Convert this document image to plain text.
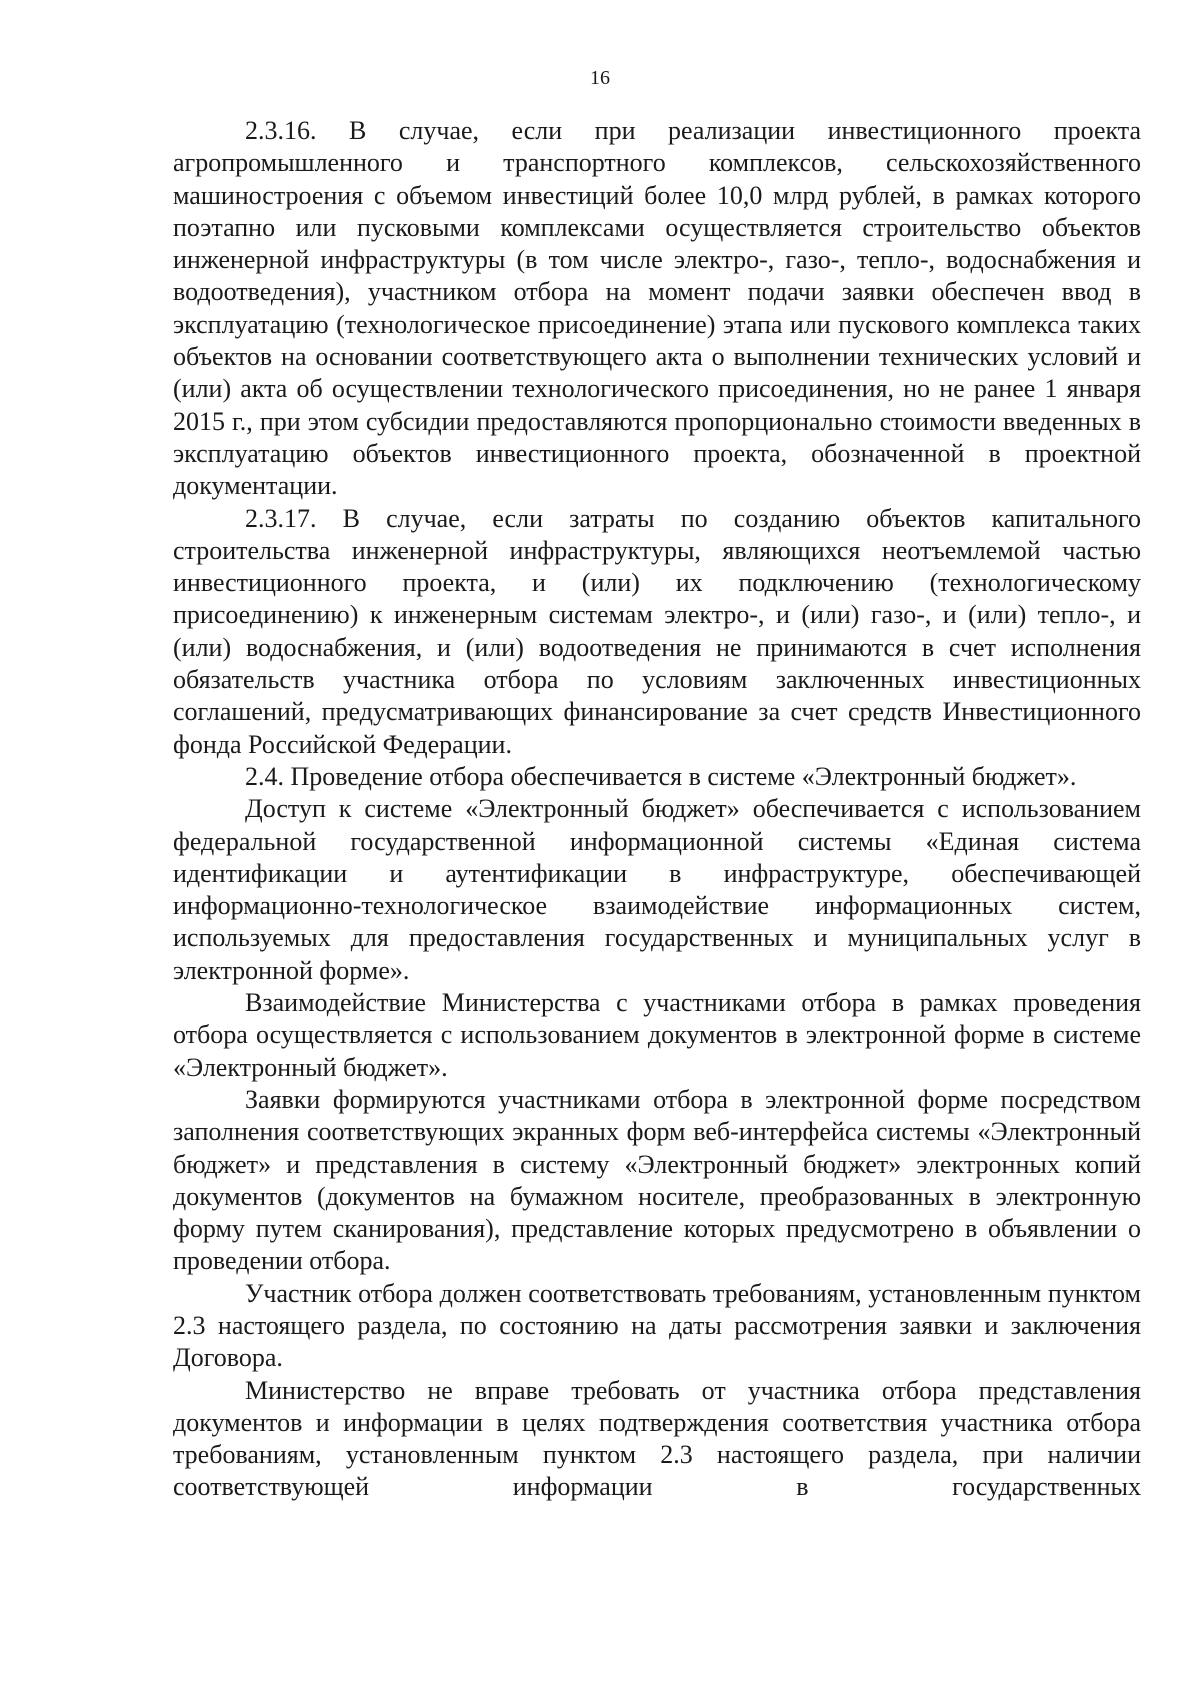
16

2.3.16. В случае, если при реализации инвестиционного проекта агропромышленного и транспортного комплексов, сельскохозяйственного машиностроения с объемом инвестиций более 10,0 млрд рублей, в рамках которого поэтапно или пусковыми комплексами осуществляется строительство объектов инженерной инфраструктуры (в том числе электро-, газо-, тепло-, водоснабжения и водоотведения), участником отбора на момент подачи заявки обеспечен ввод в эксплуатацию (технологическое присоединение) этапа или пускового комплекса таких объектов на основании соответствующего акта о выполнении технических условий и (или) акта об осуществлении технологического присоединения, но не ранее 1 января 2015 г., при этом субсидии предоставляются пропорционально стоимости введенных в эксплуатацию объектов инвестиционного проекта, обозначенной в проектной документации.

2.3.17. В случае, если затраты по созданию объектов капитального строительства инженерной инфраструктуры, являющихся неотъемлемой частью инвестиционного проекта, и (или) их подключению (технологическому присоединению) к инженерным системам электро-, и (или) газо-, и (или) тепло-, и (или) водоснабжения, и (или) водоотведения не принимаются в счет исполнения обязательств участника отбора по условиям заключенных инвестиционных соглашений, предусматривающих финансирование за счет средств Инвестиционного фонда Российской Федерации.

2.4. Проведение отбора обеспечивается в системе «Электронный бюджет».

Доступ к системе «Электронный бюджет» обеспечивается с использованием федеральной государственной информационной системы «Единая система идентификации и аутентификации в инфраструктуре, обеспечивающей информационно-технологическое взаимодействие информационных систем, используемых для предоставления государственных и муниципальных услуг в электронной форме».

Взаимодействие Министерства с участниками отбора в рамках проведения отбора осуществляется с использованием документов в электронной форме в системе «Электронный бюджет».

Заявки формируются участниками отбора в электронной форме посредством заполнения соответствующих экранных форм веб-интерфейса системы «Электронный бюджет» и представления в систему «Электронный бюджет» электронных копий документов (документов на бумажном носителе, преобразованных в электронную форму путем сканирования), представление которых предусмотрено в объявлении о проведении отбора.

Участник отбора должен соответствовать требованиям, установленным пунктом 2.3 настоящего раздела, по состоянию на даты рассмотрения заявки и заключения Договора.

Министерство не вправе требовать от участника отбора представления документов и информации в целях подтверждения соответствия участника отбора требованиям, установленным пунктом 2.3 настоящего раздела, при наличии соответствующей информации в государственных
